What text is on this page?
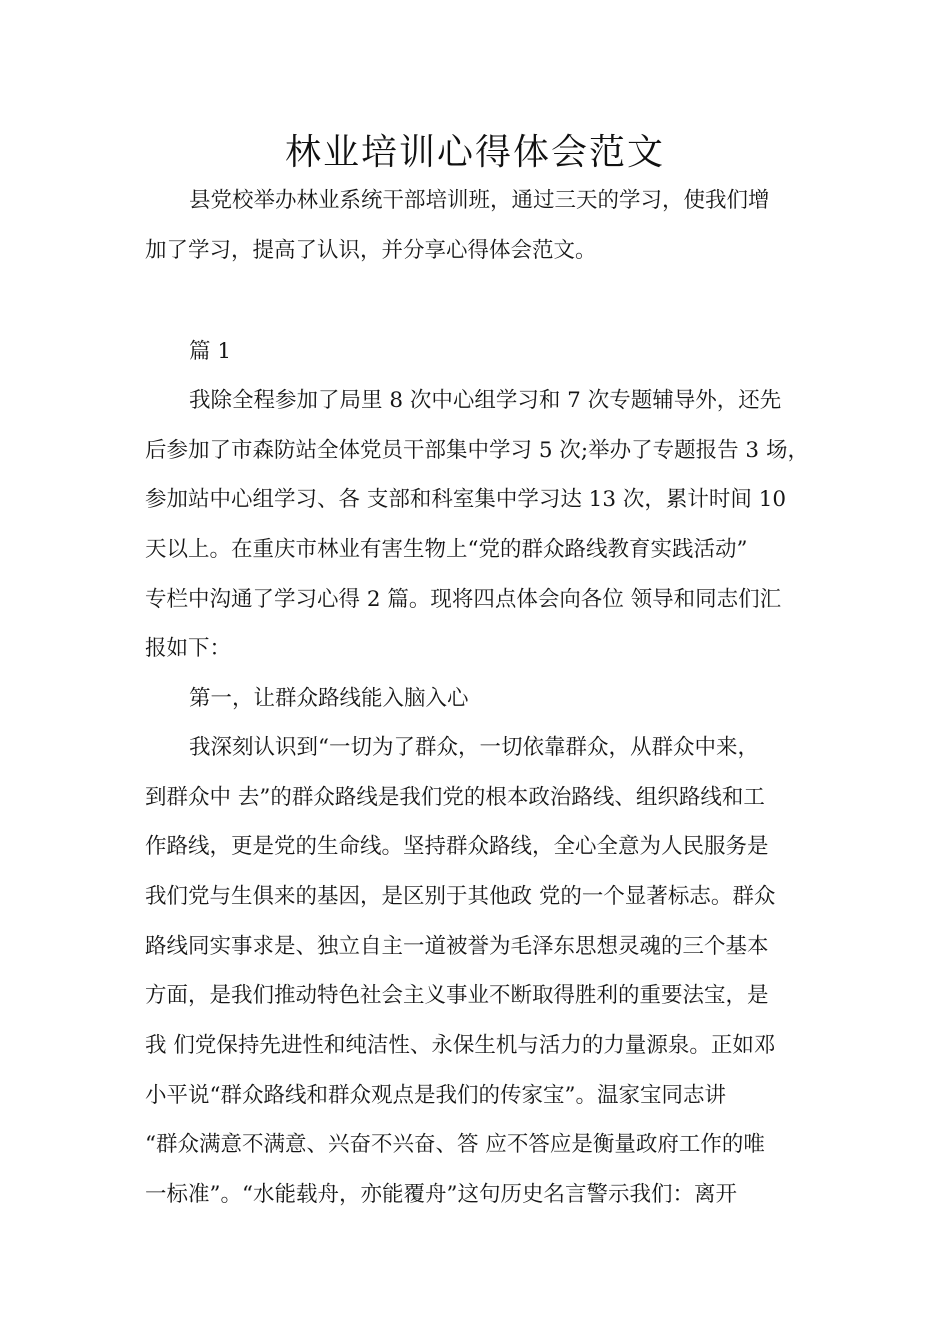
林业培训心得体会范文
县党校举办林业系统干部培训班，通过三天的学习，使我们增
加了学习，提高了认识，并分享心得体会范文。
篇 1
我除全程参加了局里 8 次中心组学习和 7 次专题辅导外，还先
后参加了市森防站全体党员干部集中学习 5 次;举办了专题报告 3 场，
参加站中心组学习、各 支部和科室集中学习达 13 次，累计时间 10
天以上。在重庆市林业有害生物上“党的群众路线教育实践活动”
专栏中沟通了学习心得 2 篇。现将四点体会向各位 领导和同志们汇
报如下：
第一，让群众路线能入脑入心
我深刻认识到“一切为了群众，一切依靠群众，从群众中来，
到群众中 去”的群众路线是我们党的根本政治路线、组织路线和工
作路线，更是党的生命线。坚持群众路线，全心全意为人民服务是
我们党与生俱来的基因，是区别于其他政 党的一个显著标志。群众
路线同实事求是、独立自主一道被誉为毛泽东思想灵魂的三个基本
方面，是我们推动特色社会主义事业不断取得胜利的重要法宝，是
我 们党保持先进性和纯洁性、永保生机与活力的力量源泉。正如邓
小平说“群众路线和群众观点是我们的传家宝”。温家宝同志讲
“群众满意不满意、兴奋不兴奋、答 应不答应是衡量政府工作的唯
一标准”。“水能载舟，亦能覆舟”这句历史名言警示我们：离开
